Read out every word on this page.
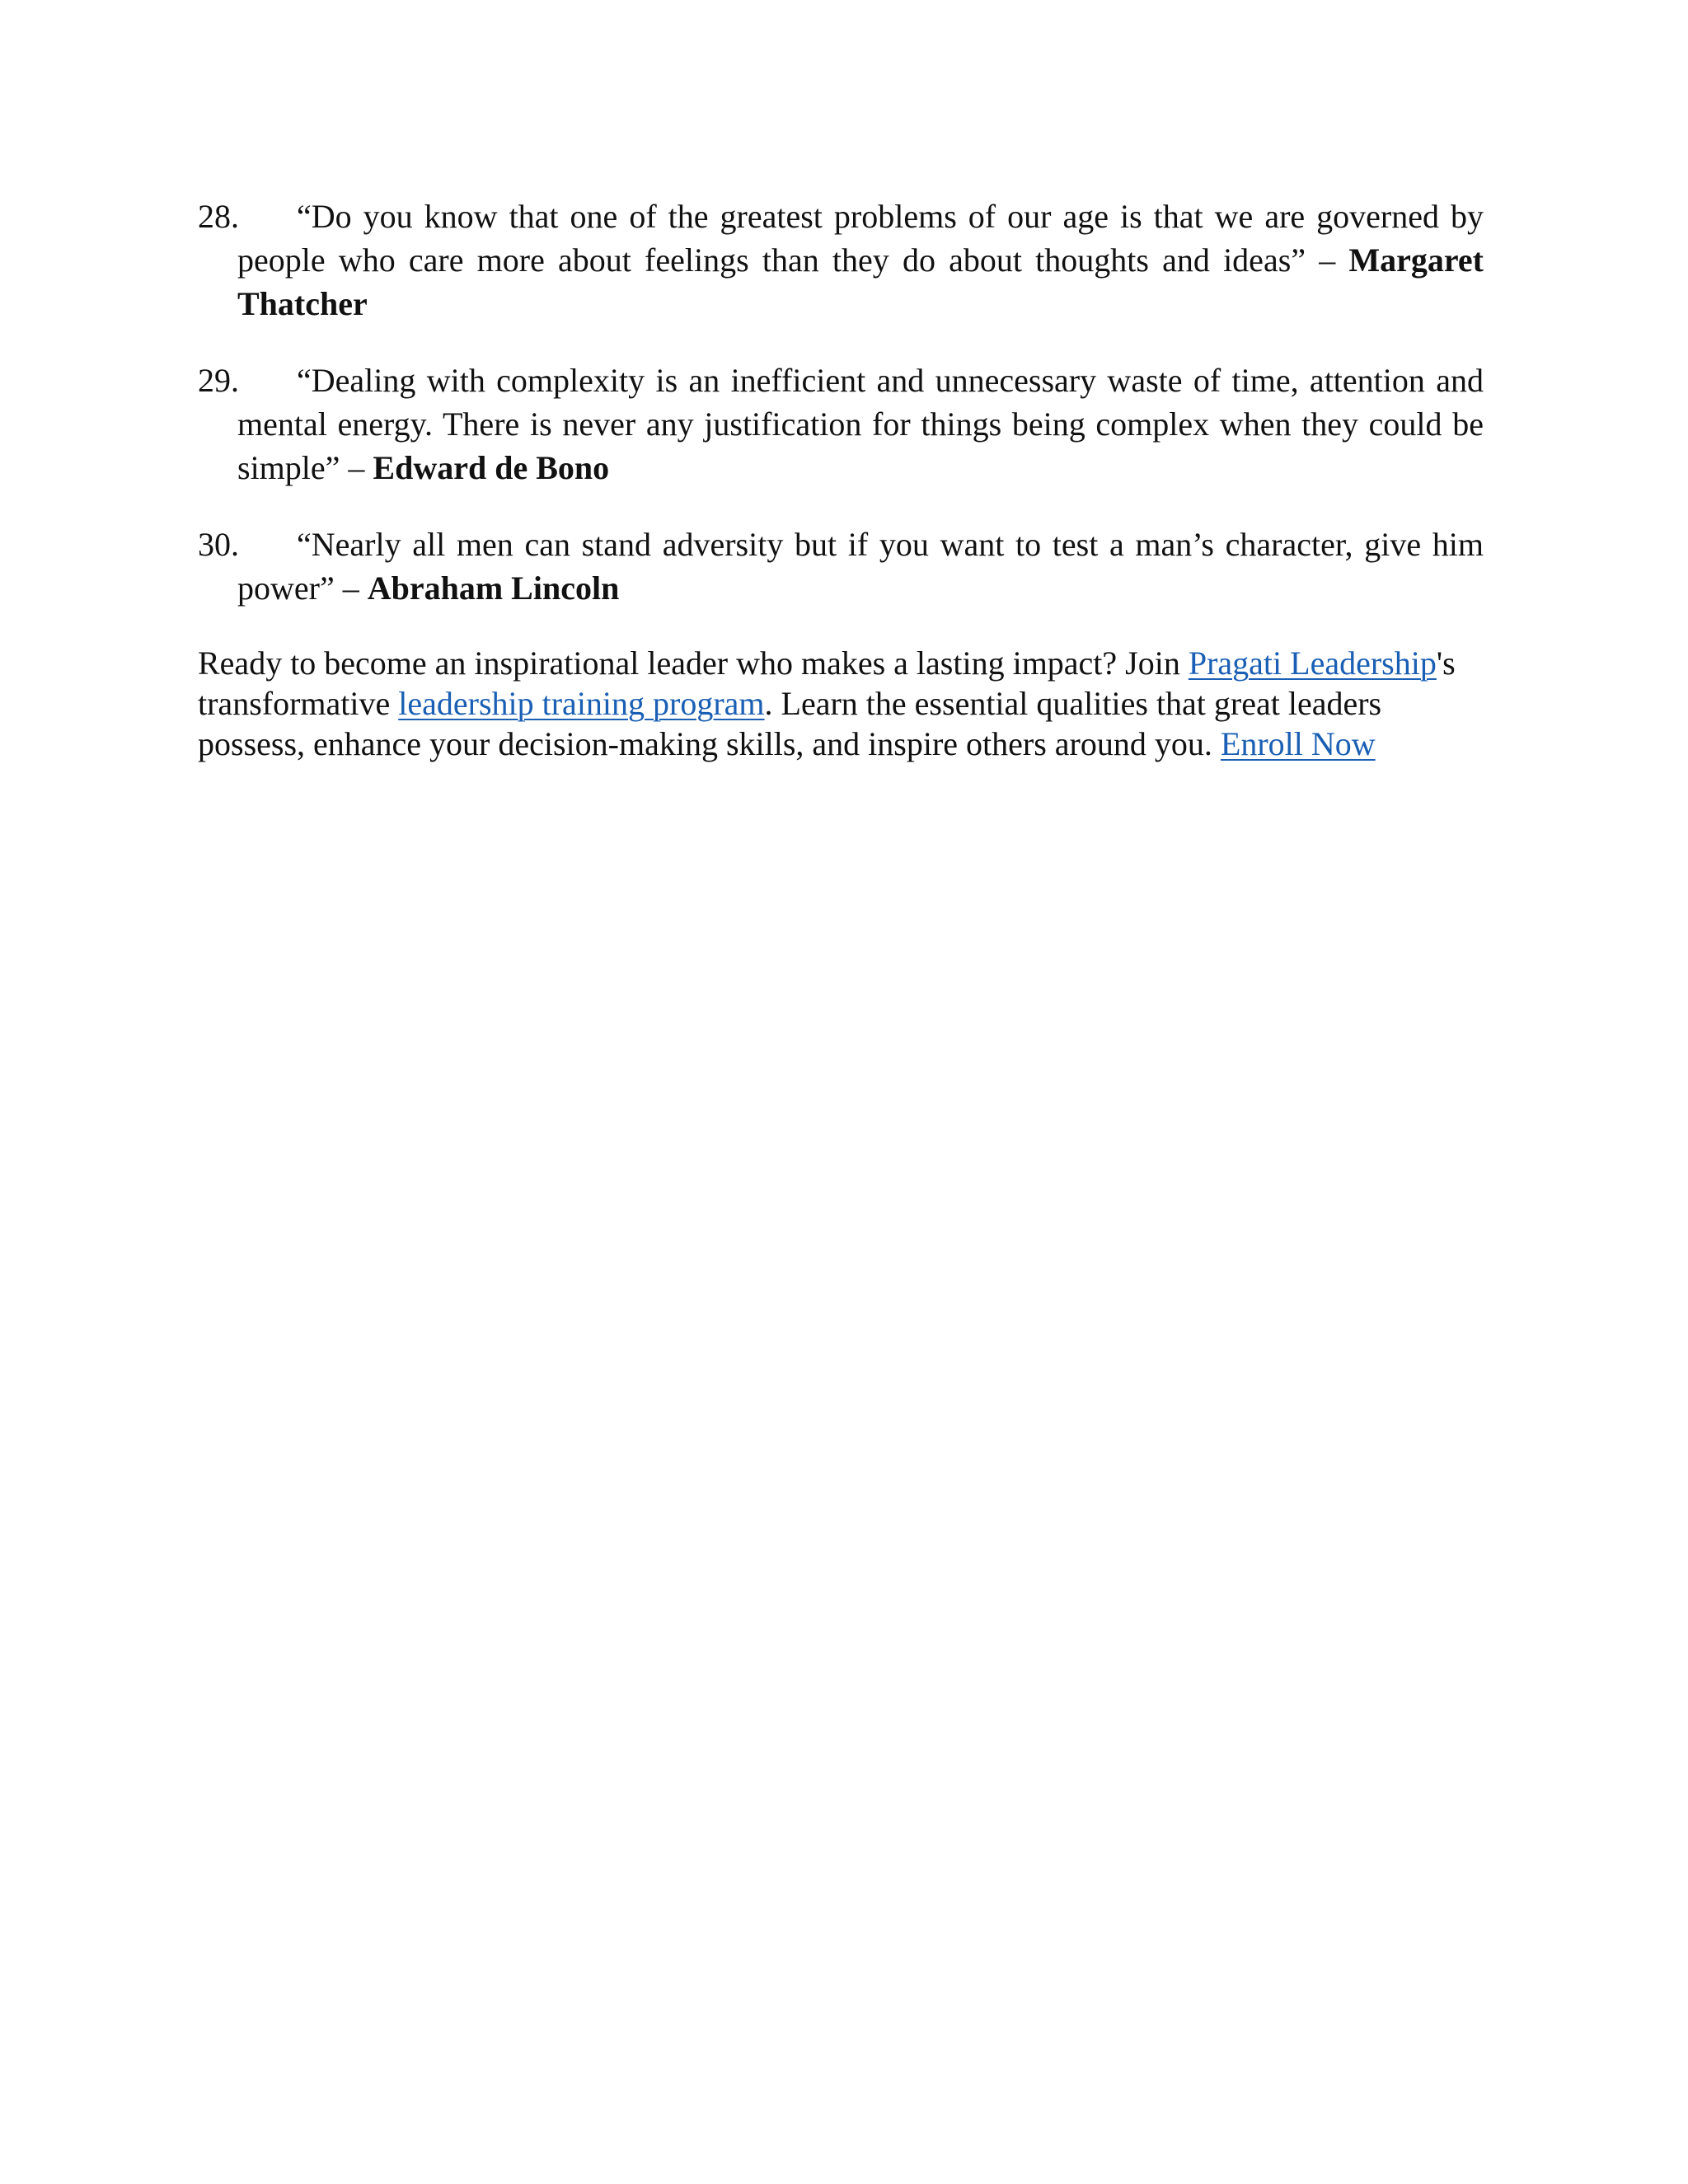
28. “Do you know that one of the greatest problems of our age is that we are governed by people who care more about feelings than they do about thoughts and ideas” – Margaret Thatcher
29. “Dealing with complexity is an inefficient and unnecessary waste of time, attention and mental energy. There is never any justification for things being complex when they could be simple” – Edward de Bono
30. “Nearly all men can stand adversity but if you want to test a man’s character, give him power” – Abraham Lincoln

Ready to become an inspirational leader who makes a lasting impact? Join Pragati Leadership's transformative leadership training program. Learn the essential qualities that great leaders possess, enhance your decision-making skills, and inspire others around you. Enroll Now
